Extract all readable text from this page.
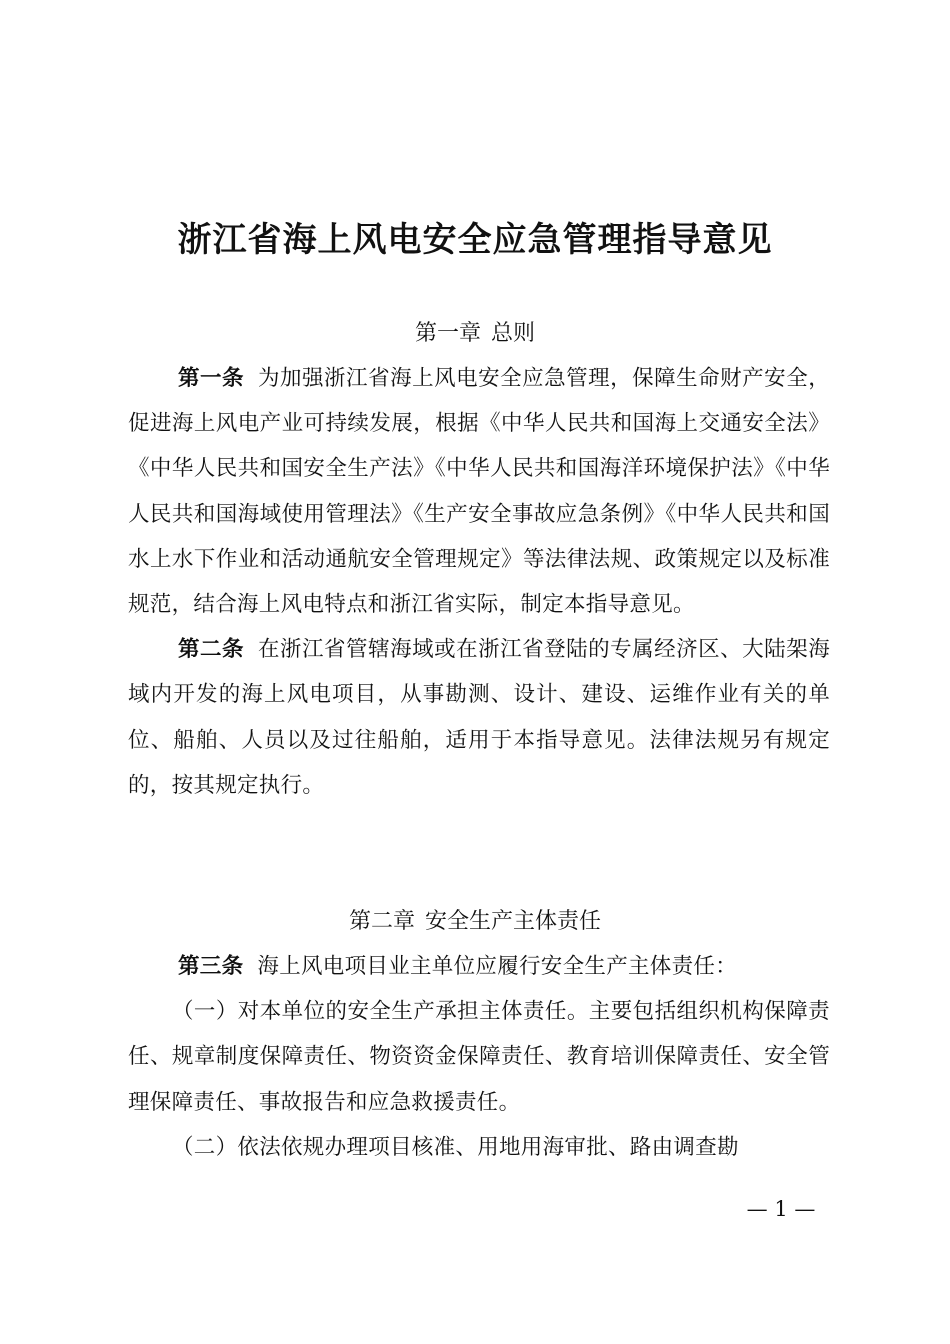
浙江省海上风电安全应急管理指导意见
第一章 总则

第一条 为加强浙江省海上风电安全应急管理，保障生命财产安全，促进海上风电产业可持续发展，根据《中华人民共和国海上交通安全法》《中华人民共和国安全生产法》《中华人民共和国海洋环境保护法》《中华人民共和国海域使用管理法》《生产安全事故应急条例》《中华人民共和国水上水下作业和活动通航安全管理规定》等法律法规、政策规定以及标准规范，结合海上风电特点和浙江省实际，制定本指导意见。

第二条 在浙江省管辖海域或在浙江省登陆的专属经济区、大陆架海域内开发的海上风电项目，从事勘测、设计、建设、运维作业有关的单位、船舶、人员以及过往船舶，适用于本指导意见。法律法规另有规定的，按其规定执行。

第二章 安全生产主体责任

第三条 海上风电项目业主单位应履行安全生产主体责任：

（一）对本单位的安全生产承担主体责任。主要包括组织机构保障责任、规章制度保障责任、物资资金保障责任、教育培训保障责任、安全管理保障责任、事故报告和应急救援责任。

（二）依法依规办理项目核准、用地用海审批、路由调查勘

— 1 —
